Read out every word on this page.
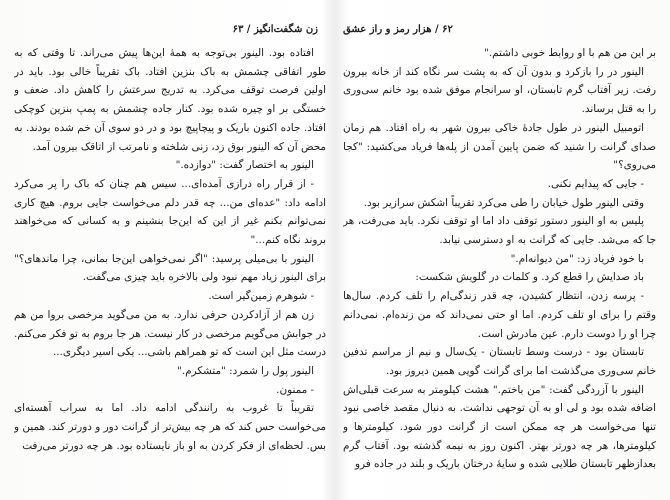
زن شگفت‌انگیز / ۶۳

افتاده بود. الینور بی‌توجه به همهٔ این‌ها پیش می‌راند. تا وقتی که به طور اتفاقی چشمش به باک بنزین افتاد. باک تقریباً خالی بود. باید در اولین فرصت توقف می‌کرد. به تدریج سرعتش را کاهش داد. ضعف و خستگی بر او چیره شده بود. کنار جاده چشمش به پمپ بنزین کوچکی افتاد. جاده اکنون باریک و پیچاپیچ بود و در دو سوی آن خم شده بودند. به محض آن که الینور بوق زد، زنی شلخته و نامرتب از اتاقک بیرون آمد.

الینور به اختصار گفت: "دوازده."

- از قرار راه درازی آمده‌ای... سیس هم چنان که باک را پر می‌کرد ادامه داد: "عده‌ای من... چه قدر دلم می‌خواست جایی بروم. هیچ کاری نمی‌توانم بکنم غیر از این که این‌جا بنشینم و به کسانی که می‌خواهند بروند نگاه کنم..."

الینور با بی‌میلی پرسید: "اگر نمی‌خواهی این‌جا بمانی، چرا ماندهای؟" برای الینور زیاد مهم نبود ولی بالاخره باید چیزی می‌گفت.

- شوهرم زمین‌گیر است.

زن هم از آزادکردن حرفی ندارد. به من می‌گوید مرخصی بروا من هم در جوابش می‌گویم مرخصی در کار نیست. هر جا بروم به تو فکر می‌کنم. درست مثل این است که تو همراهم باشی... یکی اسیر دیگری...

الینور پول را شمرد: "متشکرم."

- ممنون.

تقریباً تا غروب به رانندگی ادامه داد. اما به سراب آهسته‌ای می‌خواست حس کند که هر چه بیش‌تر از گرانت دور و دورتر کند. همین و بس. لحظه‌ای از فکر کردن به او باز نایستاده بود. هر چه دورتر می‌رفت

۶۲ / هزار رمز و راز عشق

بر این من هم با او روابط خوبی داشتم."

الینور در را بازکرد و بدون آن که به پشت سر نگاه کند از خانه بیرون رفت. زیر آفتاب گرم تابستان، او سرانجام موفق شده بود خانم سی‌وری را به قتل برساند.

اتومبیل الینور در طول جادهٔ خاکی بیرون شهر به راه افتاد. هم زمان صدای گرانت را شنید که ضمن پایین آمدن از پله‌ها فریاد می‌کشید: "کجا می‌روی؟"

- جایی که پیدایم نکنی.

وقتی الینور طول خیابان را طی می‌کرد تقریباً اشکش سرازیر بود.

پلیس به او الینور دستور توقف داد اما او توقف نکرد. باید می‌رفت، هر جا که می‌شد. جایی که گرانت به او دسترسی نیابد.

با خود فریاد زد: "من دیوانه‌ام."

باد صدایش را قطع کرد. و کلمات در گلویش شکست:

- پرسه زدن، انتظار کشیدن، چه قدر زندگی‌ام را تلف کردم. سال‌ها وقتم را برای او تلف کردم. اما او حتی نمی‌داند که من زنده‌ام. نمی‌دانم چرا او را دوست دارم. عین مادرش است.

تابستان بود - درست وسط تابستان - یک‌سال و نیم از مراسم تدفین خانم سی‌وری می‌گذشت اما برای گرانت گویی همین دیروز بود.

الینور با آزردگی گفت: "من باختم." هشت کیلومتر به سرعت قبلی‌اش اضافه شده بود و لی او به آن توجهی نداشت. به دنبال مقصد خاصی نبود تنها می‌خواست هر چه ممکن است از گرانت دور شود. کیلومترها و کیلومترها، هر چه دورتر بهتر. اکنون روز به نیمه گذشته بود. آفتاب گرم بعدازظهر تابستان طلایی شده و سایهٔ درختان باریک و بلند در جاده فرو
